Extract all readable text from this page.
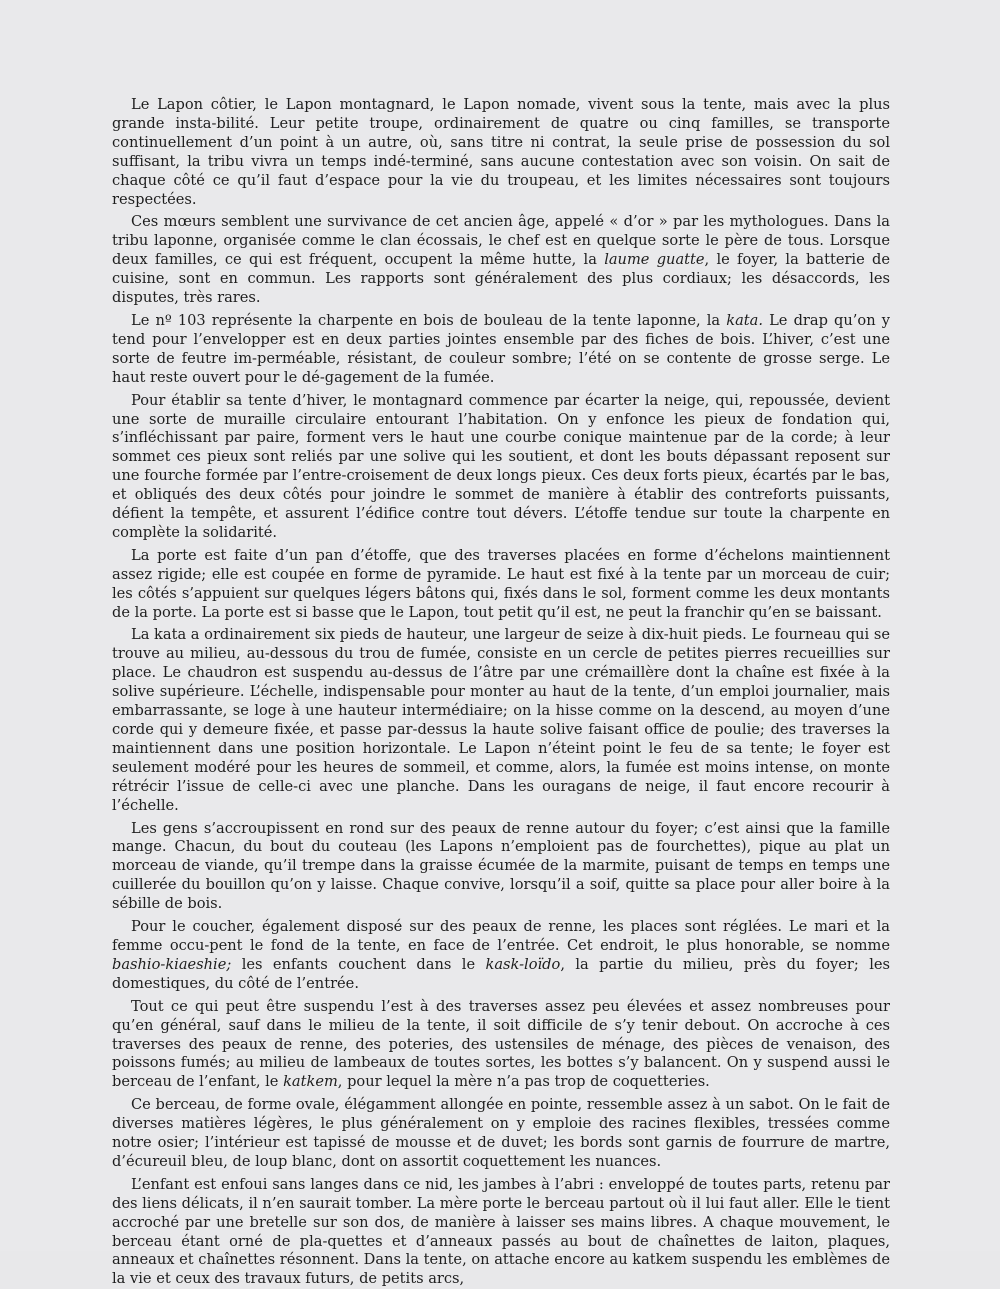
Le Lapon côtier, le Lapon montagnard, le Lapon nomade, vivent sous la tente, mais avec la plus grande insta-bilité. Leur petite troupe, ordinairement de quatre ou cinq familles, se transporte continuellement d’un point à un autre, où, sans titre ni contrat, la seule prise de possession du sol suffisant, la tribu vivra un temps indé-terminé, sans aucune contestation avec son voisin. On sait de chaque côté ce qu’il faut d’espace pour la vie du troupeau, et les limites nécessaires sont toujours respectées.

Ces mœurs semblent une survivance de cet ancien âge, appelé « d’or » par les mythologues. Dans la tribu laponne, organisée comme le clan écossais, le chef est en quelque sorte le père de tous. Lorsque deux familles, ce qui est fréquent, occupent la même hutte, la laume guatte, le foyer, la batterie de cuisine, sont en commun. Les rapports sont généralement des plus cordiaux; les désaccords, les disputes, très rares.

Le nº 103 représente la charpente en bois de bouleau de la tente laponne, la kata. Le drap qu’on y tend pour l’envelopper est en deux parties jointes ensemble par des fiches de bois. L’hiver, c’est une sorte de feutre im-perméable, résistant, de couleur sombre; l’été on se contente de grosse serge. Le haut reste ouvert pour le dé-gagement de la fumée.

Pour établir sa tente d’hiver, le montagnard commence par écarter la neige, qui, repoussée, devient une sorte de muraille circulaire entourant l’habitation. On y enfonce les pieux de fondation qui, s’infléchissant par paire, forment vers le haut une courbe conique maintenue par de la corde; à leur sommet ces pieux sont reliés par une solive qui les soutient, et dont les bouts dépassant reposent sur une fourche formée par l’entre-croisement de deux longs pieux. Ces deux forts pieux, écartés par le bas, et obliqués des deux côtés pour joindre le sommet de manière à établir des contreforts puissants, défient la tempête, et assurent l’édifice contre tout dévers. L’étoffe tendue sur toute la charpente en complète la solidarité.

La porte est faite d’un pan d’étoffe, que des traverses placées en forme d’échelons maintiennent assez rigide; elle est coupée en forme de pyramide. Le haut est fixé à la tente par un morceau de cuir; les côtés s’appuient sur quelques légers bâtons qui, fixés dans le sol, forment comme les deux montants de la porte. La porte est si basse que le Lapon, tout petit qu’il est, ne peut la franchir qu’en se baissant.

La kata a ordinairement six pieds de hauteur, une largeur de seize à dix-huit pieds. Le fourneau qui se trouve au milieu, au-dessous du trou de fumée, consiste en un cercle de petites pierres recueillies sur place. Le chaudron est suspendu au-dessus de l’âtre par une crémaillère dont la chaîne est fixée à la solive supérieure. L’échelle, indispensable pour monter au haut de la tente, d’un emploi journalier, mais embarrassante, se loge à une hauteur intermédiaire; on la hisse comme on la descend, au moyen d’une corde qui y demeure fixée, et passe par-dessus la haute solive faisant office de poulie; des traverses la maintiennent dans une position horizontale. Le Lapon n’éteint point le feu de sa tente; le foyer est seulement modéré pour les heures de sommeil, et comme, alors, la fumée est moins intense, on monte rétrécir l’issue de celle-ci avec une planche. Dans les ouragans de neige, il faut encore recourir à l’échelle.

Les gens s’accroupissent en rond sur des peaux de renne autour du foyer; c’est ainsi que la famille mange. Chacun, du bout du couteau (les Lapons n’emploient pas de fourchettes), pique au plat un morceau de viande, qu’il trempe dans la graisse écumée de la marmite, puisant de temps en temps une cuillerée du bouillon qu’on y laisse. Chaque convive, lorsqu’il a soif, quitte sa place pour aller boire à la sébille de bois.

Pour le coucher, également disposé sur des peaux de renne, les places sont réglées. Le mari et la femme occu-pent le fond de la tente, en face de l’entrée. Cet endroit, le plus honorable, se nomme bashio-kiaeshie; les enfants couchent dans le kask-loïdo, la partie du milieu, près du foyer; les domestiques, du côté de l’entrée.

Tout ce qui peut être suspendu l’est à des traverses assez peu élevées et assez nombreuses pour qu’en général, sauf dans le milieu de la tente, il soit difficile de s’y tenir debout. On accroche à ces traverses des peaux de renne, des poteries, des ustensiles de ménage, des pièces de venaison, des poissons fumés; au milieu de lambeaux de toutes sortes, les bottes s’y balancent. On y suspend aussi le berceau de l’enfant, le katkem, pour lequel la mère n’a pas trop de coquetteries.

Ce berceau, de forme ovale, élégamment allongée en pointe, ressemble assez à un sabot. On le fait de diverses matières légères, le plus généralement on y emploie des racines flexibles, tressées comme notre osier; l’intérieur est tapissé de mousse et de duvet; les bords sont garnis de fourrure de martre, d’écureuil bleu, de loup blanc, dont on assortit coquettement les nuances.

L’enfant est enfoui sans langes dans ce nid, les jambes à l’abri : enveloppé de toutes parts, retenu par des liens délicats, il n’en saurait tomber. La mère porte le berceau partout où il lui faut aller. Elle le tient accroché par une bretelle sur son dos, de manière à laisser ses mains libres. A chaque mouvement, le berceau étant orné de pla-quettes et d’anneaux passés au bout de chaînettes de laiton, plaques, anneaux et chaînettes résonnent. Dans la tente, on attache encore au katkem suspendu les emblèmes de la vie et ceux des travaux futurs, de petits arcs,
